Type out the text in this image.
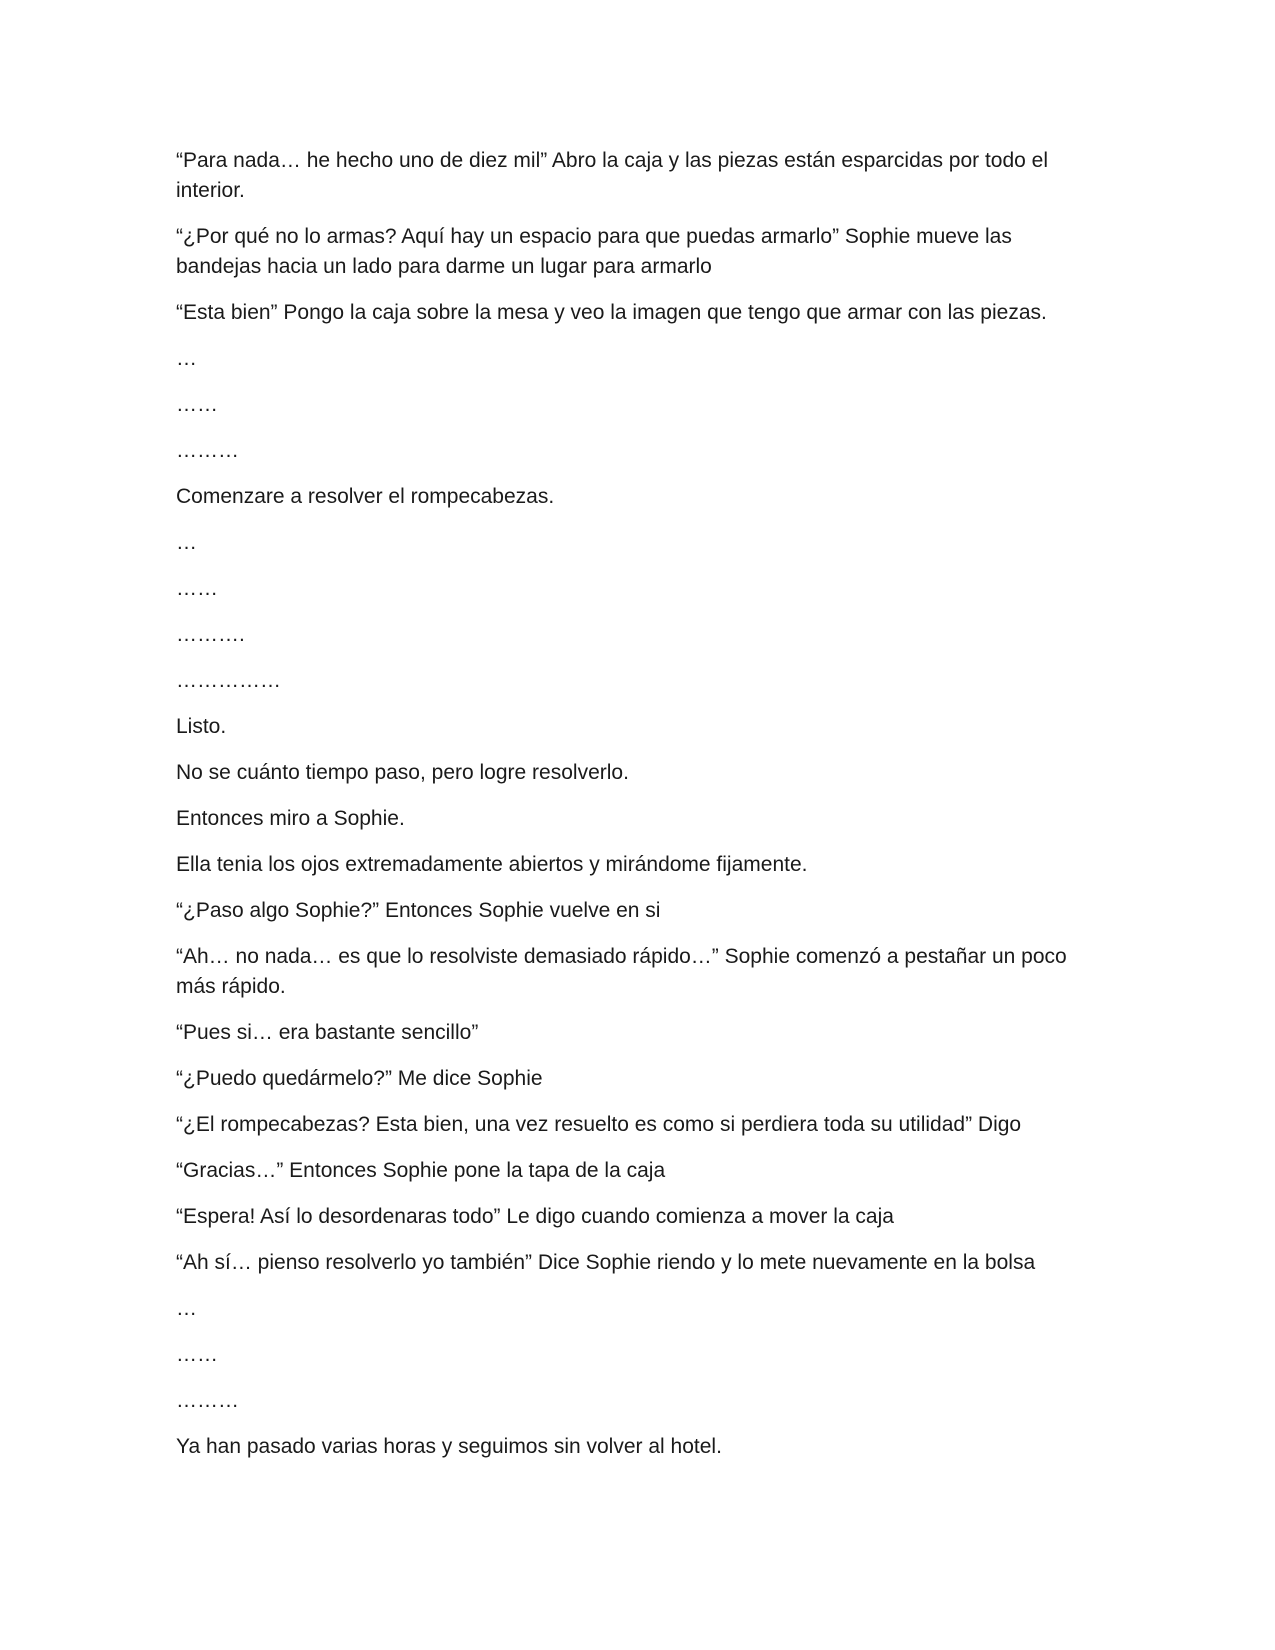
“Para nada… he hecho uno de diez mil” Abro la caja y las piezas están esparcidas por todo el interior.

“¿Por qué no lo armas? Aquí hay un espacio para que puedas armarlo” Sophie mueve las bandejas hacia un lado para darme un lugar para armarlo

“Esta bien” Pongo la caja sobre la mesa y veo la imagen que tengo que armar con las piezas.

…

……

………

Comenzare a resolver el rompecabezas.

…

……

……….

……………

Listo.

No se cuánto tiempo paso, pero logre resolverlo.

Entonces miro a Sophie.

Ella tenia los ojos extremadamente abiertos y mirándome fijamente.

“¿Paso algo Sophie?” Entonces Sophie vuelve en si

“Ah… no nada… es que lo resolviste demasiado rápido…” Sophie comenzó a pestañar un poco más rápido.

“Pues si… era bastante sencillo”

“¿Puedo quedármelo?” Me dice Sophie

“¿El rompecabezas? Esta bien, una vez resuelto es como si perdiera toda su utilidad” Digo

“Gracias…” Entonces Sophie pone la tapa de la caja

“Espera! Así lo desordenaras todo” Le digo cuando comienza a mover la caja

“Ah sí… pienso resolverlo yo también” Dice Sophie riendo y lo mete nuevamente en la bolsa

…

……

………

Ya han pasado varias horas y seguimos sin volver al hotel.
